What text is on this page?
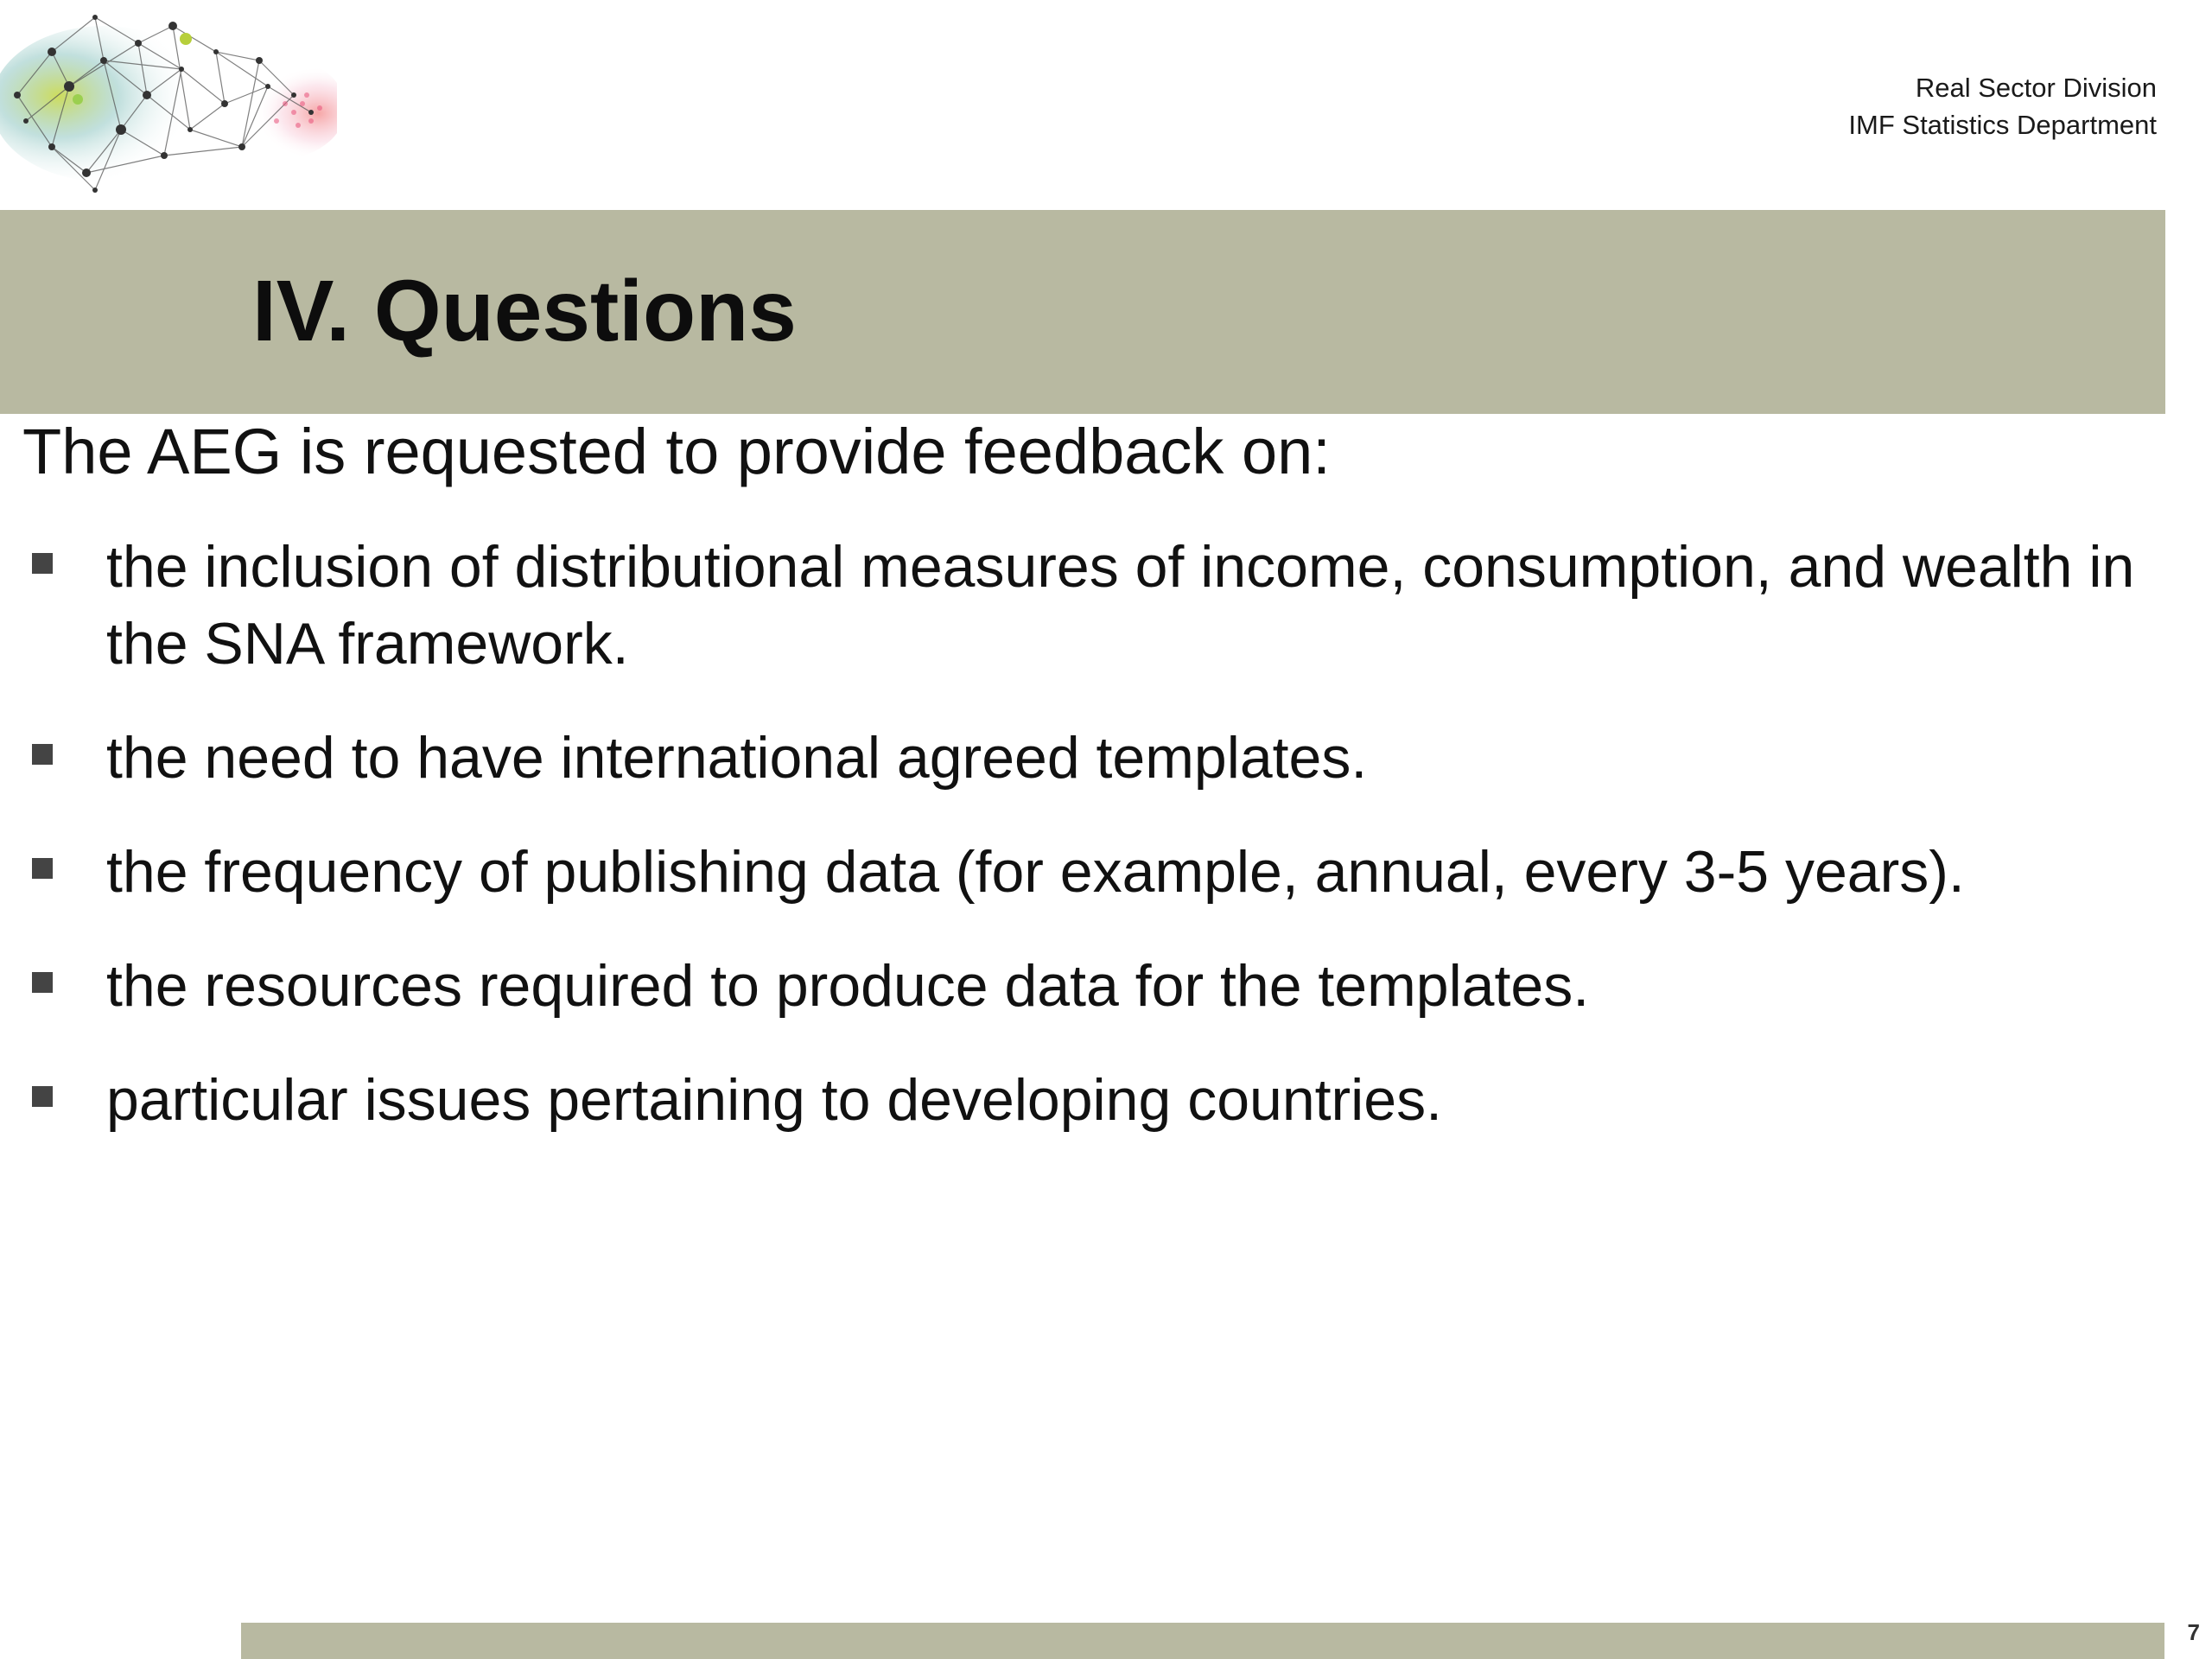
Real Sector Division
IMF Statistics Department
IV. Questions
The AEG is requested to provide feedback on:
the inclusion of distributional measures of income, consumption, and wealth in the SNA framework.
the need to have international agreed templates.
the frequency of publishing data (for example, annual, every 3-5 years).
the resources required to produce data for the templates.
particular issues pertaining to developing countries.
7
